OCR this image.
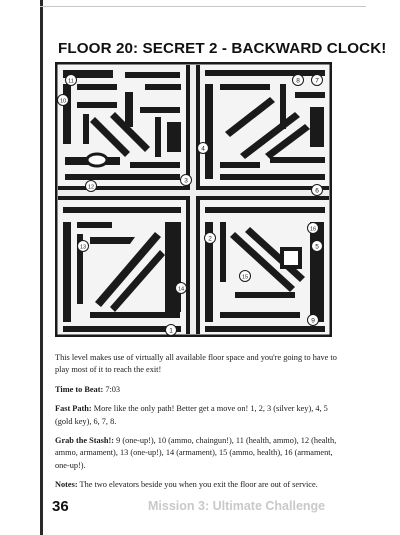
FLOOR 20: SECRET 2 - BACKWARD CLOCK!
1
2
3
4
5
6
7
8
9
10
11
12
13
14
15
16

This level makes use of virtually all available floor space and you're going to have to play most of it to reach the exit!

Time to Beat: 7:03

Fast Path: More like the only path! Better get a move on! 1, 2, 3 (silver key), 4, 5 (gold key), 6, 7, 8.

Grab the Stash!: 9 (one-up!), 10 (ammo, chaingun!), 11 (health, ammo), 12 (health, ammo, armament), 13 (one-up!), 14 (armament), 15 (ammo, health), 16 (armament, one-up!).

Notes: The two elevators beside you when you exit the floor are out of service.

36	Mission 3: Ultimate Challenge
